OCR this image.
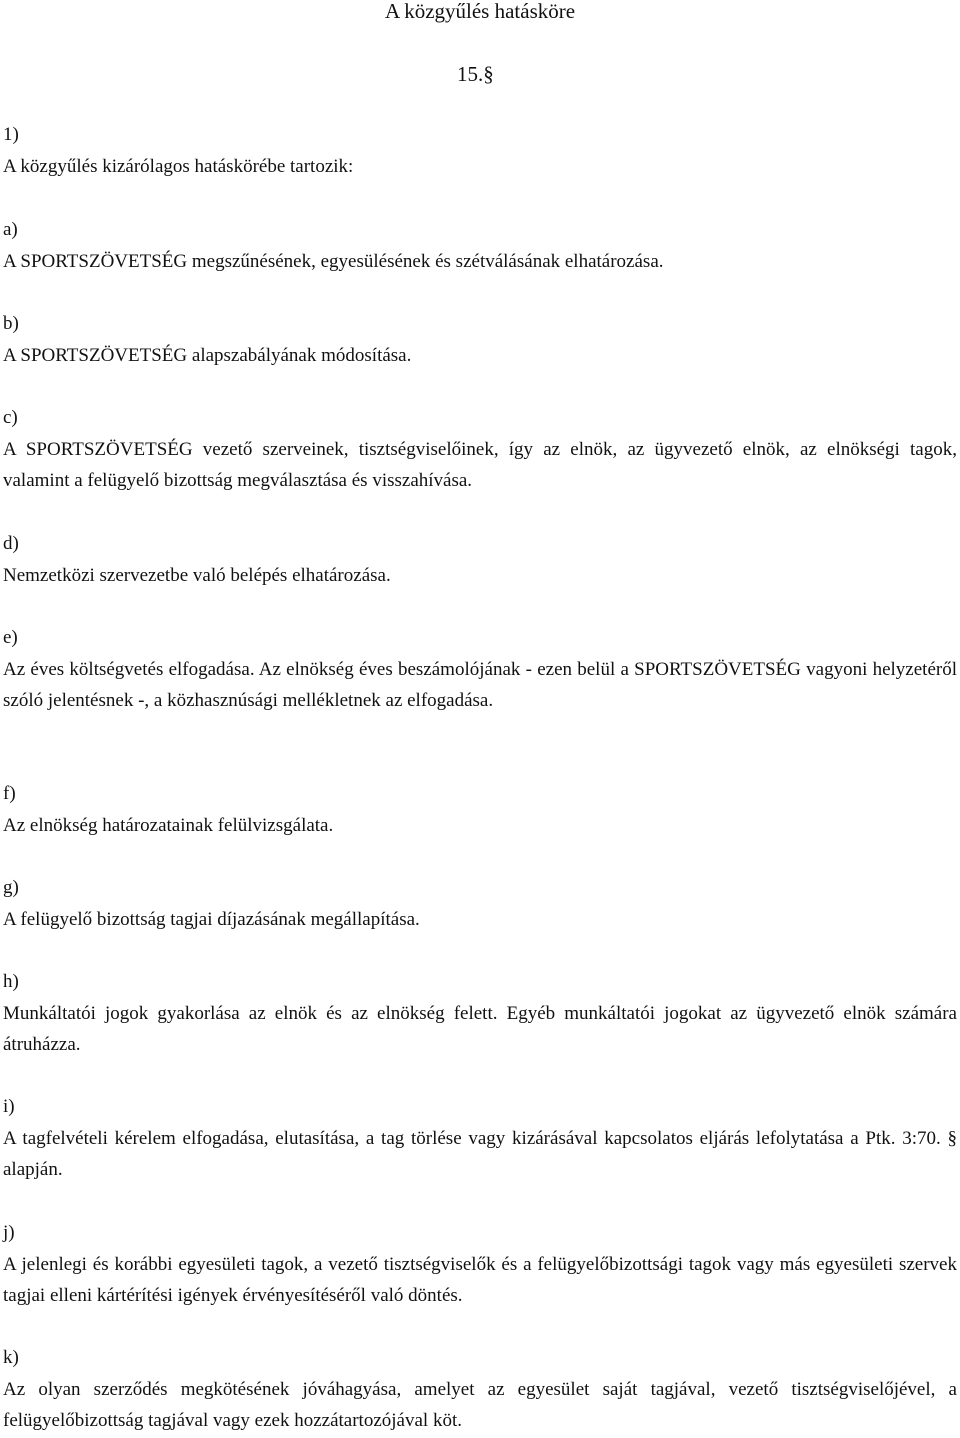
A közgyűlés hatásköre
15.§
1)
A közgyűlés kizárólagos hatáskörébe tartozik:
a)
A SPORTSZÖVETSÉG megszűnésének, egyesülésének és szétválásának elhatározása.
b)
A SPORTSZÖVETSÉG alapszabályának módosítása.
c)
A SPORTSZÖVETSÉG vezető szerveinek, tisztségviselőinek, így az elnök, az ügyvezető elnök, az elnökségi tagok, valamint a felügyelő bizottság megválasztása és visszahívása.
d)
Nemzetközi szervezetbe való belépés elhatározása.
e)
Az éves költségvetés elfogadása. Az elnökség éves beszámolójának - ezen belül a SPORTSZÖVETSÉG vagyoni helyzetéről szóló jelentésnek -, a közhasznúsági mellékletnek az elfogadása.
f)
Az elnökség határozatainak felülvizsgálata.
g)
A felügyelő bizottság tagjai díjazásának megállapítása.
h)
Munkáltatói jogok gyakorlása az elnök és az elnökség felett. Egyéb munkáltatói jogokat az ügyvezető elnök számára átruházza.
i)
A tagfelvételi kérelem elfogadása, elutasítása, a tag törlése vagy kizárásával kapcsolatos eljárás lefolytatása a Ptk. 3:70. § alapján.
j)
A jelenlegi és korábbi egyesületi tagok, a vezető tisztségviselők és a felügyelőbizottsági tagok vagy más egyesületi szervek tagjai elleni kártérítési igények érvényesítéséről való döntés.
k)
Az olyan szerződés megkötésének jóváhagyása, amelyet az egyesület saját tagjával, vezető tisztségviselőjével, a felügyelőbizottság tagjával vagy ezek hozzátartozójával köt.
